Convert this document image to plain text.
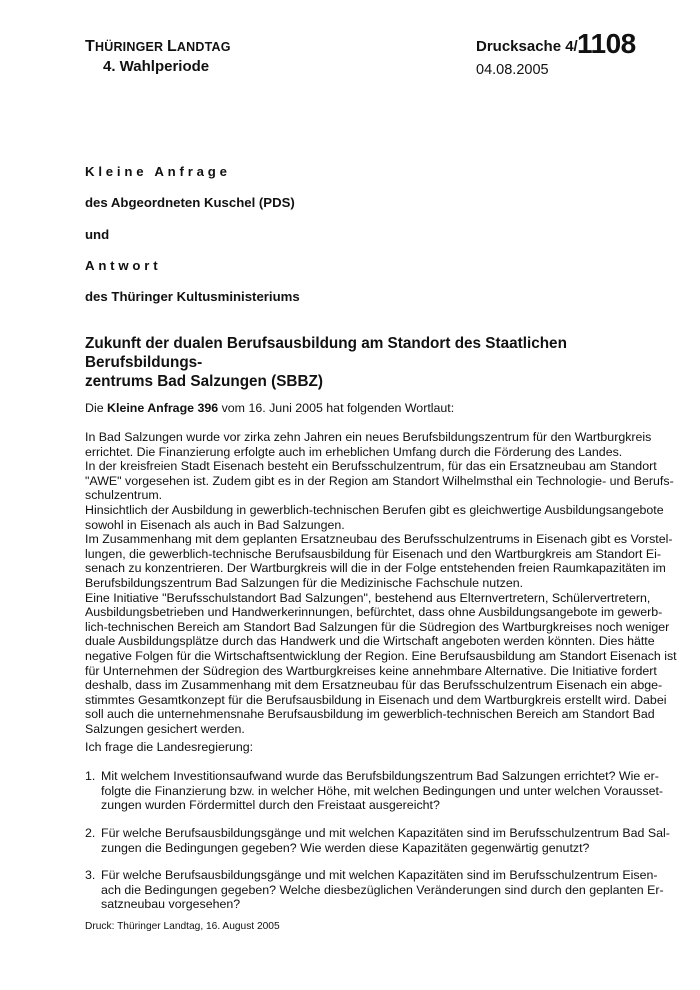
THÜRINGER LANDTAG
4. Wahlperiode
Drucksache 4/ 1108
04.08.2005
Kleine Anfrage
des Abgeordneten Kuschel (PDS)
und
Antwort
des Thüringer Kultusministeriums
Zukunft der dualen Berufsausbildung am Standort des Staatlichen Berufsbildungs-
zentrums Bad Salzungen (SBBZ)
Die Kleine Anfrage 396 vom 16. Juni 2005 hat folgenden Wortlaut:
In Bad Salzungen wurde vor zirka zehn Jahren ein neues Berufsbildungszentrum für den Wartburgkreis
errichtet. Die Finanzierung erfolgte auch im erheblichen Umfang durch die Förderung des Landes.
In der kreisfreien Stadt Eisenach besteht ein Berufsschulzentrum, für das ein Ersatzneubau am Standort
"AWE" vorgesehen ist. Zudem gibt es in der Region am Standort Wilhelmsthal ein Technologie- und Berufs-
schulzentrum.
Hinsichtlich der Ausbildung in gewerblich-technischen Berufen gibt es gleichwertige Ausbildungsangebote
sowohl in Eisenach als auch in Bad Salzungen.
Im Zusammenhang mit dem geplanten Ersatzneubau des Berufsschulzentrums in Eisenach gibt es Vorstel-
lungen, die gewerblich-technische Berufsausbildung für Eisenach und den Wartburgkreis am Standort Ei-
senach zu konzentrieren. Der Wartburgkreis will die in der Folge entstehenden freien Raumkapazitäten im
Berufsbildungszentrum Bad Salzungen für die Medizinische Fachschule nutzen.
Eine Initiative "Berufsschulstandort Bad Salzungen", bestehend aus Elternvertretern, Schülervertretern,
Ausbildungsbetrieben und Handwerkerinnungen, befürchtet, dass ohne Ausbildungsangebote im gewerb-
lich-technischen Bereich am Standort Bad Salzungen für die Südregion des Wartburgkreises noch weniger
duale Ausbildungsplätze durch das Handwerk und die Wirtschaft angeboten werden könnten. Dies hätte
negative Folgen für die Wirtschaftsentwicklung der Region. Eine Berufsausbildung am Standort Eisenach ist
für Unternehmen der Südregion des Wartburgkreises keine annehmbare Alternative. Die Initiative fordert
deshalb, dass im Zusammenhang mit dem Ersatzneubau für das Berufsschulzentrum Eisenach ein abge-
stimmtes Gesamtkonzept für die Berufsausbildung in Eisenach und dem Wartburgkreis erstellt wird. Dabei
soll auch die unternehmensnahe Berufsausbildung im gewerblich-technischen Bereich am Standort Bad
Salzungen gesichert werden.
Ich frage die Landesregierung:
1. Mit welchem Investitionsaufwand wurde das Berufsbildungszentrum Bad Salzungen errichtet? Wie er-
folgte die Finanzierung bzw. in welcher Höhe, mit welchen Bedingungen und unter welchen Vorausset-
zungen wurden Fördermittel durch den Freistaat ausgereicht?
2. Für welche Berufsausbildungsgänge und mit welchen Kapazitäten sind im Berufsschulzentrum Bad Sal-
zungen die Bedingungen gegeben? Wie werden diese Kapazitäten gegenwärtig genutzt?
3. Für welche Berufsausbildungsgänge und mit welchen Kapazitäten sind im Berufsschulzentrum Eisen-
ach die Bedingungen gegeben? Welche diesbezüglichen Veränderungen sind durch den geplanten Er-
satzneubau vorgesehen?
Druck: Thüringer Landtag, 16. August 2005
